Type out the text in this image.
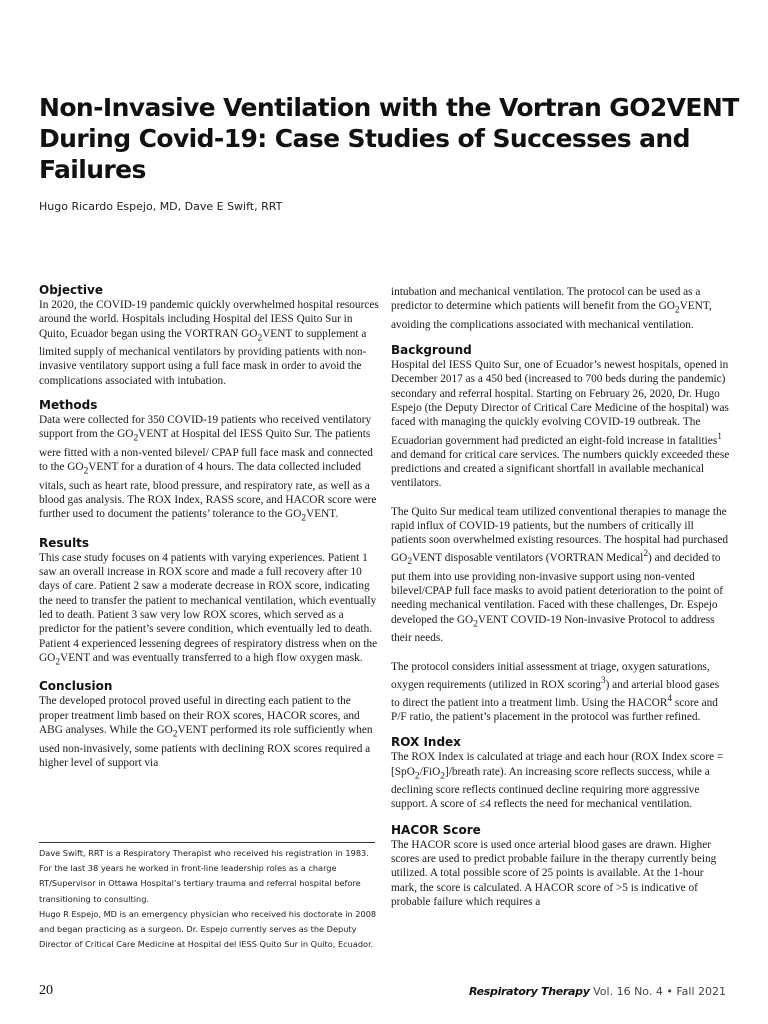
Non-Invasive Ventilation with the Vortran GO2VENT During Covid-19: Case Studies of Successes and Failures
Hugo Ricardo Espejo, MD, Dave E Swift, RRT
Objective

In 2020, the COVID-19 pandemic quickly overwhelmed hospital resources around the world. Hospitals including Hospital del IESS Quito Sur in Quito, Ecuador began using the VORTRAN $GO_2VENT$ to supplement a limited supply of mechanical ventilators by providing patients with non-invasive ventilatory support using a full face mask in order to avoid the complications associated with intubation.

Methods

Data were collected for 350 COVID-19 patients who received ventilatory support from the $GO_2VENT$ at Hospital del IESS Quito Sur. The patients were fitted with a non-vented bilevel/ CPAP full face mask and connected to the $GO_2VENT$ for a duration of 4 hours. The data collected included vitals, such as heart rate, blood pressure, and respiratory rate, as well as a blood gas analysis. The ROX Index, RASS score, and HACOR score were further used to document the patients’ tolerance to the $GO_2VENT$.

Results

This case study focuses on 4 patients with varying experiences. Patient 1 saw an overall increase in ROX score and made a full recovery after 10 days of care. Patient 2 saw a moderate decrease in ROX score, indicating the need to transfer the patient to mechanical ventilation, which eventually led to death. Patient 3 saw very low ROX scores, which served as a predictor for the patient’s severe condition, which eventually led to death. Patient 4 experienced lessening degrees of respiratory distress when on the $GO_2VENT$ and was eventually transferred to a high flow oxygen mask.

Conclusion

The developed protocol proved useful in directing each patient to the proper treatment limb based on their ROX scores, HACOR scores, and ABG analyses. While the $GO_2VENT$ performed its role sufficiently when used non-invasively, some patients with declining ROX scores required a higher level of support via

intubation and mechanical ventilation. The protocol can be used as a predictor to determine which patients will benefit from the $GO_2VENT$, avoiding the complications associated with mechanical ventilation.

Background

Hospital del IESS Quito Sur, one of Ecuador’s newest hospitals, opened in December 2017 as a 450 bed (increased to 700 beds during the pandemic) secondary and referral hospital. Starting on February 26, 2020, Dr. Hugo Espejo (the Deputy Director of Critical Care Medicine of the hospital) was faced with managing the quickly evolving COVID-19 outbreak. The Ecuadorian government had predicted an eight-fold increase in fatalities$^1$ and demand for critical care services. The numbers quickly exceeded these predictions and created a significant shortfall in available mechanical ventilators.

The Quito Sur medical team utilized conventional therapies to manage the rapid influx of COVID-19 patients, but the numbers of critically ill patients soon overwhelmed existing resources. The hospital had purchased $GO_2VENT$ disposable ventilators (VORTRAN Medical$^2$) and decided to put them into use providing non-invasive support using non-vented bilevel/CPAP full face masks to avoid patient deterioration to the point of needing mechanical ventilation. Faced with these challenges, Dr. Espejo developed the $GO_2VENT$ COVID-19 Non-invasive Protocol to address their needs.

The protocol considers initial assessment at triage, oxygen saturations, oxygen requirements (utilized in ROX scoring$^3$) and arterial blood gases to direct the patient into a treatment limb. Using the HACOR$^4$ score and P/F ratio, the patient’s placement in the protocol was further refined.

ROX Index

The ROX Index is calculated at triage and each hour (ROX Index score = [SpO$_2$/FiO$_2$]/breath rate). An increasing score reflects success, while a declining score reflects continued decline requiring more aggressive support. A score of ≤4 reflects the need for mechanical ventilation.

HACOR Score

The HACOR score is used once arterial blood gases are drawn. Higher scores are used to predict probable failure in the therapy currently being utilized. A total possible score of 25 points is available. At the 1-hour mark, the score is calculated. A HACOR score of >5 is indicative of probable failure which requires a

Dave Swift, RRT is a Respiratory Therapist who received his registration in 1983. For the last 38 years he worked in front-line leadership roles as a charge RT/Supervisor in Ottawa Hospital’s tertiary trauma and referral hospital before transitioning to consulting.

Hugo R Espejo, MD is an emergency physician who received his doctorate in 2008 and began practicing as a surgeon. Dr. Espejo currently serves as the Deputy Director of Critical Care Medicine at Hospital del IESS Quito Sur in Quito, Ecuador.

20	Respiratory Therapy Vol. 16 No. 4 • Fall 2021
